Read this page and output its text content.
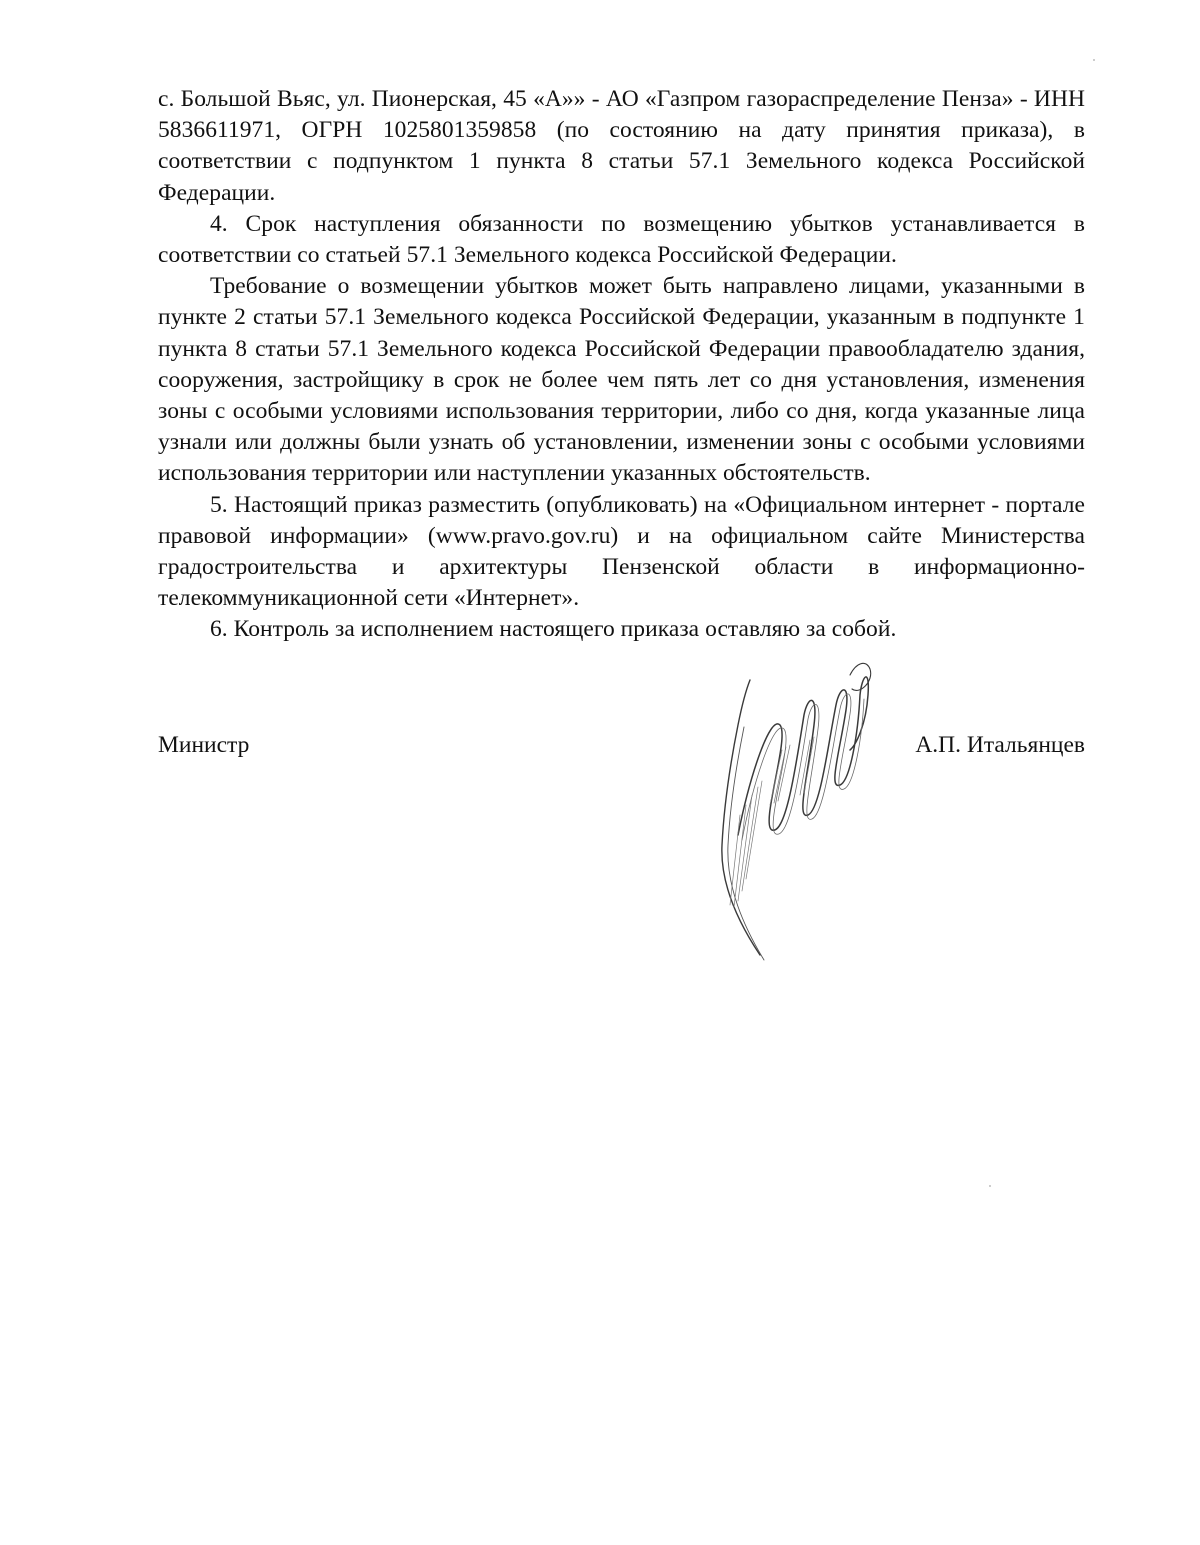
с. Большой Вьяс, ул. Пионерская, 45 «А»» - АО «Газпром газораспределение Пенза» - ИНН 5836611971, ОГРН 1025801359858 (по состоянию на дату принятия приказа), в соответствии с подпунктом 1 пункта 8 статьи 57.1 Земельного кодекса Российской Федерации.

4. Срок наступления обязанности по возмещению убытков устанавливается в соответствии со статьей 57.1 Земельного кодекса Российской Федерации.

Требование о возмещении убытков может быть направлено лицами, указанными в пункте 2 статьи 57.1 Земельного кодекса Российской Федерации, указанным в подпункте 1 пункта 8 статьи 57.1 Земельного кодекса Российской Федерации правообладателю здания, сооружения, застройщику в срок не более чем пять лет со дня установления, изменения зоны с особыми условиями использования территории, либо со дня, когда указанные лица узнали или должны были узнать об установлении, изменении зоны с особыми условиями использования территории или наступлении указанных обстоятельств.

5. Настоящий приказ разместить (опубликовать) на «Официальном интернет - портале правовой информации» (www.pravo.gov.ru) и на официальном сайте Министерства градостроительства и архитектуры Пензенской области в информационно-телекоммуникационной сети «Интернет».

6. Контроль за исполнением настоящего приказа оставляю за собой.

Министр	А.П. Итальянцев
